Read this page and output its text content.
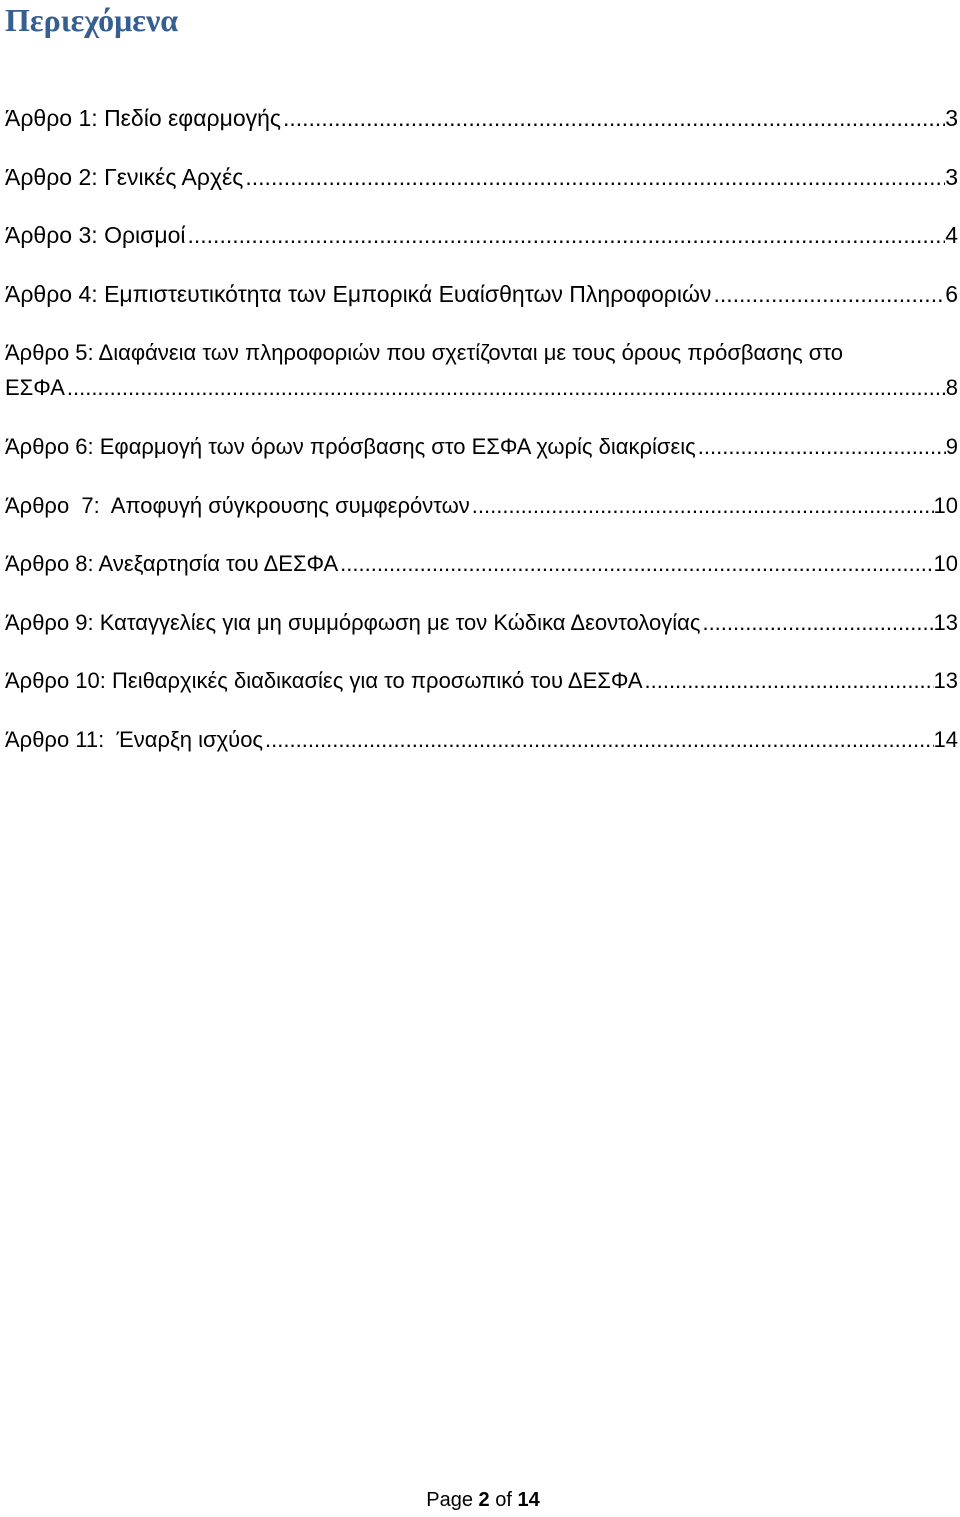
Περιεχόμενα
Άρθρο 1: Πεδίο εφαρμογής .....	3
Άρθρο 2: Γενικές Αρχές .....	3
Άρθρο 3: Ορισμοί .....	4
Άρθρο 4: Εμπιστευτικότητα των Εμπορικά Ευαίσθητων Πληροφοριών .....	6
Άρθρο 5: Διαφάνεια των πληροφοριών που σχετίζονται με τους όρους πρόσβασης στο
ΕΣΦΑ .....	8
Άρθρο 6: Εφαρμογή των όρων πρόσβασης στο ΕΣΦΑ χωρίς διακρίσεις .....	9
Άρθρο  7:  Αποφυγή σύγκρουσης συμφερόντων .....	10
Άρθρο 8: Ανεξαρτησία του ΔΕΣΦΑ .....	10
Άρθρο 9: Καταγγελίες για μη συμμόρφωση με τον Κώδικα Δεοντολογίας .....	13
Άρθρο 10: Πειθαρχικές διαδικασίες για το προσωπικό του ΔΕΣΦΑ .....	13
Άρθρο 11:  Έναρξη ισχύος .....	14
Page 2 of 14
